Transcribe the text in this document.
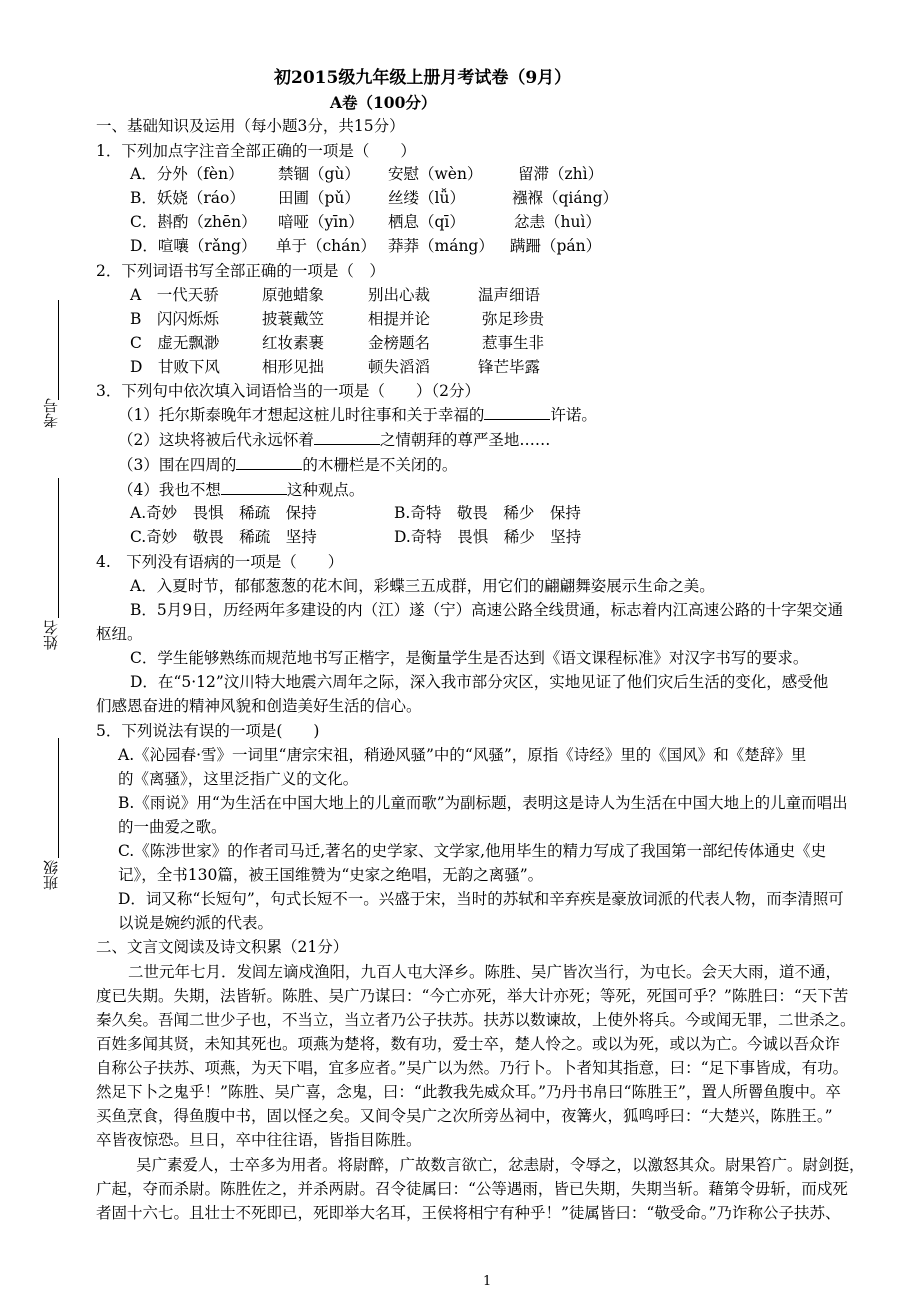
考号
姓名
班级
初2015级九年级上册月考试卷（9月）
A卷（100分）
一、基础知识及运用（每小题3分，共15分）
1．下列加点字注音全部正确的一项是（　　）
A．分外（fèn） 禁锢（gù） 安慰（wèn） 留滞（zhì）
B．妖娆（ráo） 田圃（pǔ） 丝缕（lǚ）	襁褓（qiáng）
C．斟酌（zhēn） 喑哑（yīn） 栖息（qī）	忿恚（huì）
D．喧嚷（rǎng） 单于（chán） 莽莽（máng） 蹒跚（pán）
2．下列词语书写全部正确的一项是（　）
A　一代天骄	原弛蜡象	别出心裁	温声细语
B　闪闪烁烁	披蓑戴笠	相提并论	弥足珍贵
C　虚无飘渺	红妆素裹	金榜题名	惹事生非
D　甘败下风	相形见拙	顿失滔滔	锋芒毕露
3．下列句中依次填入词语恰当的一项是（　　）（2分）
（1）托尔斯泰晚年才想起这桩儿时往事和关于幸福的	许诺。
（2）这块将被后代永远怀着	之情朝拜的尊严圣地……
（3）围在四周的	的木栅栏是不关闭的。
（4）我也不想	这种观点。
A.奇妙　畏惧　稀疏　保持	B.奇特　敬畏　稀少　保持
C.奇妙　敬畏　稀疏　坚持	D.奇特　畏惧　稀少　坚持
4.　下列没有语病的一项是（　　）
A．入夏时节，郁郁葱葱的花木间，彩蝶三五成群，用它们的翩翩舞姿展示生命之美。
B．5月9日，历经两年多建设的内（江）遂（宁）高速公路全线贯通，标志着内江高速公路的十字架交通
枢纽。
C．学生能够熟练而规范地书写正楷字，是衡量学生是否达到《语文课程标准》对汉字书写的要求。
D．在“5·12”汶川特大地震六周年之际，深入我市部分灾区，实地见证了他们灾后生活的变化，感受他
们感恩奋进的精神风貌和创造美好生活的信心。
5．下列说法有误的一项是(　　)
A.《沁园春·雪》一词里“唐宗宋祖，稍逊风骚”中的“风骚”，原指《诗经》里的《国风》和《楚辞》里
的《离骚》，这里泛指广义的文化。
B.《雨说》用“为生活在中国大地上的儿童而歌”为副标题，表明这是诗人为生活在中国大地上的儿童而唱出
的一曲爱之歌。
C.《陈涉世家》的作者司马迁,著名的史学家、文学家,他用毕生的精力写成了我国第一部纪传体通史《史
记》，全书130篇，被王国维赞为“史家之绝唱，无韵之离骚”。
D．词又称“长短句”，句式长短不一。兴盛于宋，当时的苏轼和辛弃疾是豪放词派的代表人物，而李清照可
以说是婉约派的代表。
二、文言文阅读及诗文积累（21分）
二世元年七月．发闾左谪戍渔阳，九百人屯大泽乡。陈胜、吴广皆次当行，为屯长。会天大雨，道不通，
度已失期。失期，法皆斩。陈胜、吴广乃谋曰：“今亡亦死，举大计亦死；等死，死国可乎？”陈胜曰：“天下苦
秦久矣。吾闻二世少子也，不当立，当立者乃公子扶苏。扶苏以数谏故，上使外将兵。今或闻无罪，二世杀之。
百姓多闻其贤，未知其死也。项燕为楚将，数有功，爱士卒，楚人怜之。或以为死，或以为亡。今诚以吾众诈
自称公子扶苏、项燕，为天下唱，宜多应者。”吴广以为然。乃行卜。卜者知其指意，曰：“足下事皆成，有功。
然足下卜之鬼乎！”陈胜、吴广喜，念鬼，曰：“此教我先威众耳。”乃丹书帛曰“陈胜王”，置人所罾鱼腹中。卒
买鱼烹食，得鱼腹中书，固以怪之矣。又间令吴广之次所旁丛祠中，夜篝火，狐鸣呼曰：“大楚兴，陈胜王。”
卒皆夜惊恐。旦日，卒中往往语，皆指目陈胜。
吴广素爱人，士卒多为用者。将尉醉，广故数言欲亡，忿恚尉，令辱之，以激怒其众。尉果笞广。尉剑挺，
广起，夺而杀尉。陈胜佐之，并杀两尉。召令徒属曰：“公等遇雨，皆已失期，失期当斩。藉第令毋斩，而戍死
者固十六七。且壮士不死即已，死即举大名耳，王侯将相宁有种乎！”徒属皆曰：“敬受命。”乃诈称公子扶苏、
1
